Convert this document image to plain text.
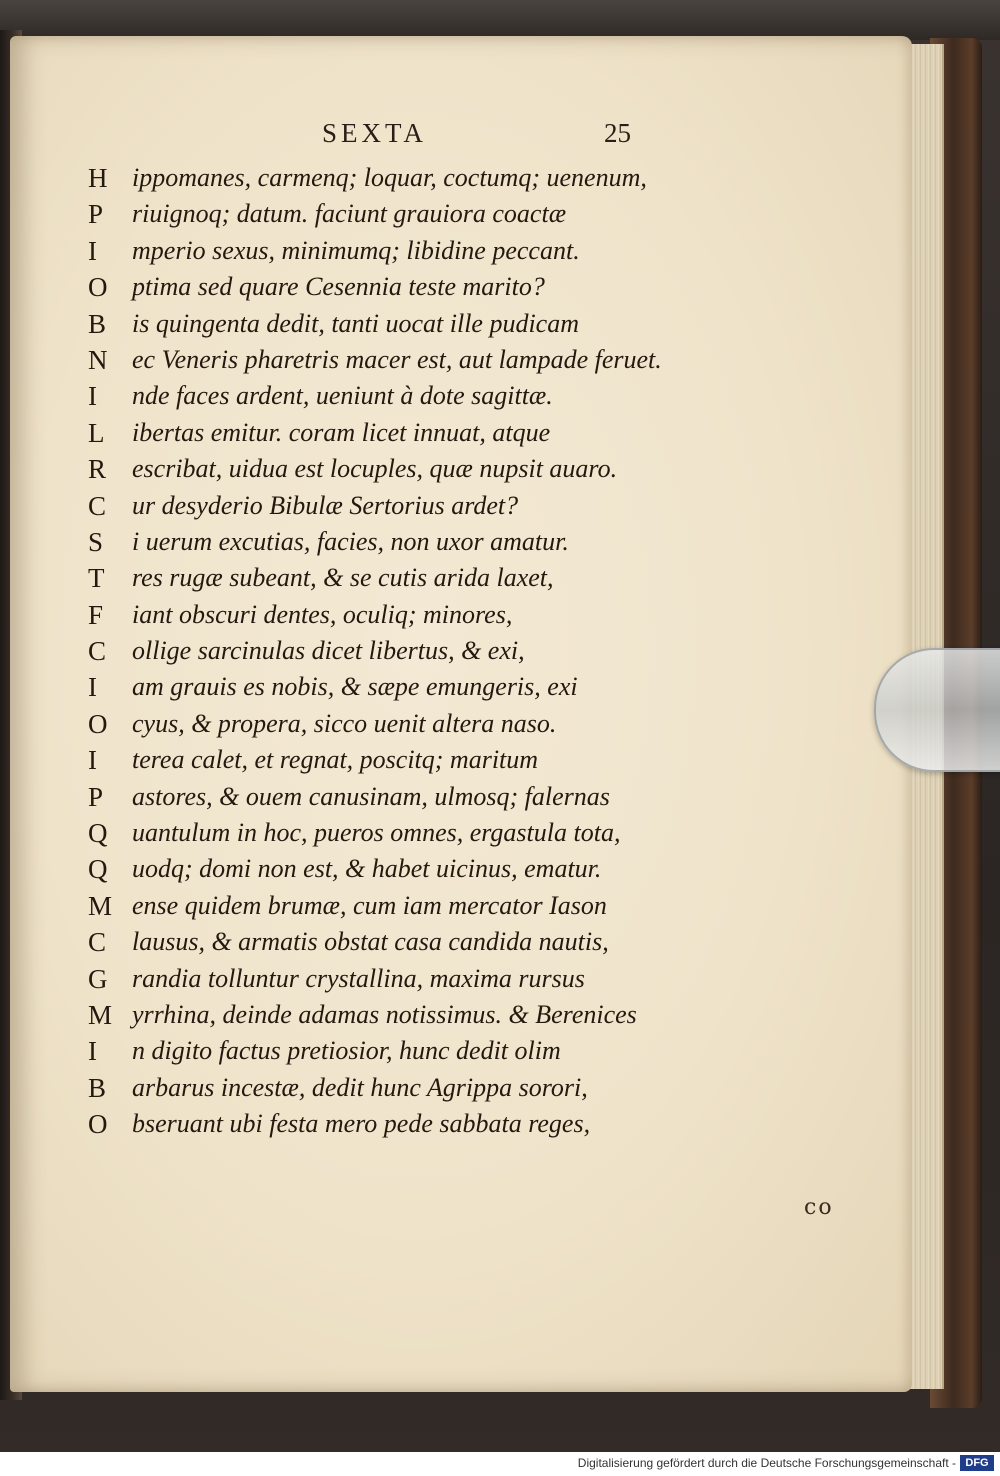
SEXTA	25
H ippomanes, carmenq; loquar, coctumq; uenenum,
P	riuignoq; datum. faciunt grauiora coactæ
I	mperio sexus, minimumq; libidine peccant.
O ptima sed quare Cesennia teste marito?
B is quingenta dedit, tanti uocat ille pudicam
N ec Veneris pharetris macer est, aut lampade feruet.
I	nde faces ardent, ueniunt à dote sagittæ.
L	ibertas emitur. coram licet innuat, atque
R escribat, uidua est locuples, quæ nupsit auaro.
C ur desyderio Bibulæ Sertorius ardet?
S	i uerum excutias, facies, non uxor amatur.
T	res rugæ subeant, & se cutis arida laxet,
F	iant obscuri dentes, oculiq; minores,
C ollige sarcinulas dicet libertus, & exi,
I	am grauis es nobis, & sæpe emungeris, exi
O cyus, & propera, sicco uenit altera naso.
I	terea calet, et regnat, poscitq; maritum
P	astores, & ouem canusinam, ulmosq; falernas
Q uantulum in hoc, pueros omnes, ergastula tota,
Q uodq; domi non est, & habet uicinus, ematur.
M ense quidem brumæ, cum iam mercator Iason
C lausus, & armatis obstat casa candida nautis,
G randia tolluntur crystallina, maxima rursus
M yrrhina, deinde adamas notissimus. & Berenices
I	n digito factus pretiosior, hunc dedit olim
B arbarus incestæ, dedit hunc Agrippa sorori,
O bseruant ubi festa mero pede sabbata reges,
co
Digitalisierung gefördert durch die Deutsche Forschungsgemeinschaft - DFG
